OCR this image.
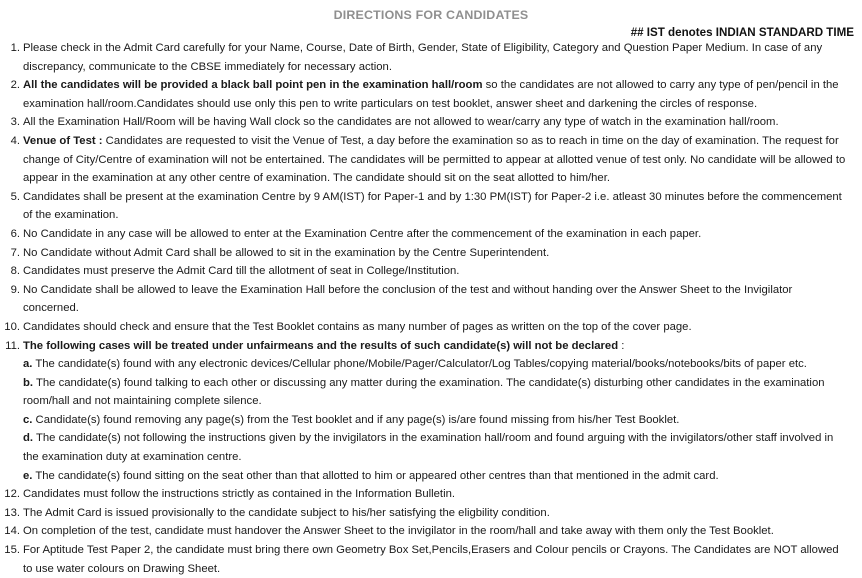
DIRECTIONS FOR CANDIDATES
## IST denotes INDIAN STANDARD TIME
1. Please check in the Admit Card carefully for your Name, Course, Date of Birth, Gender, State of Eligibility, Category and Question Paper Medium. In case of any discrepancy, communicate to the CBSE immediately for necessary action.
2. All the candidates will be provided a black ball point pen in the examination hall/room so the candidates are not allowed to carry any type of pen/pencil in the examination hall/room.Candidates should use only this pen to write particulars on test booklet, answer sheet and darkening the circles of response.
3. All the Examination Hall/Room will be having Wall clock so the candidates are not allowed to wear/carry any type of watch in the examination hall/room.
4. Venue of Test : Candidates are requested to visit the Venue of Test, a day before the examination so as to reach in time on the day of examination. The request for change of City/Centre of examination will not be entertained. The candidates will be permitted to appear at allotted venue of test only. No candidate will be allowed to appear in the examination at any other centre of examination. The candidate should sit on the seat allotted to him/her.
5. Candidates shall be present at the examination Centre by 9 AM(IST) for Paper-1 and by 1:30 PM(IST) for Paper-2 i.e. atleast 30 minutes before the commencement of the examination.
6. No Candidate in any case will be allowed to enter at the Examination Centre after the commencement of the examination in each paper.
7. No Candidate without Admit Card shall be allowed to sit in the examination by the Centre Superintendent.
8. Candidates must preserve the Admit Card till the allotment of seat in College/Institution.
9. No Candidate shall be allowed to leave the Examination Hall before the conclusion of the test and without handing over the Answer Sheet to the Invigilator concerned.
10. Candidates should check and ensure that the Test Booklet contains as many number of pages as written on the top of the cover page.
11. The following cases will be treated under unfairmeans and the results of such candidate(s) will not be declared :
a. The candidate(s) found with any electronic devices/Cellular phone/Mobile/Pager/Calculator/Log Tables/copying material/books/notebooks/bits of paper etc.
b. The candidate(s) found talking to each other or discussing any matter during the examination. The candidate(s) disturbing other candidates in the examination room/hall and not maintaining complete silence.
c. Candidate(s) found removing any page(s) from the Test booklet and if any page(s) is/are found missing from his/her Test Booklet.
d. The candidate(s) not following the instructions given by the invigilators in the examination hall/room and found arguing with the invigilators/other staff involved in the examination duty at examination centre.
e. The candidate(s) found sitting on the seat other than that allotted to him or appeared other centres than that mentioned in the admit card.
12. Candidates must follow the instructions strictly as contained in the Information Bulletin.
13. The Admit Card is issued provisionally to the candidate subject to his/her satisfying the eligbility condition.
14. On completion of the test, candidate must handover the Answer Sheet to the invigilator in the room/hall and take away with them only the Test Booklet.
15. For Aptitude Test Paper 2, the candidate must bring there own Geometry Box Set,Pencils,Erasers and Colour pencils or Crayons. The Candidates are NOT allowed to use water colours on Drawing Sheet.
